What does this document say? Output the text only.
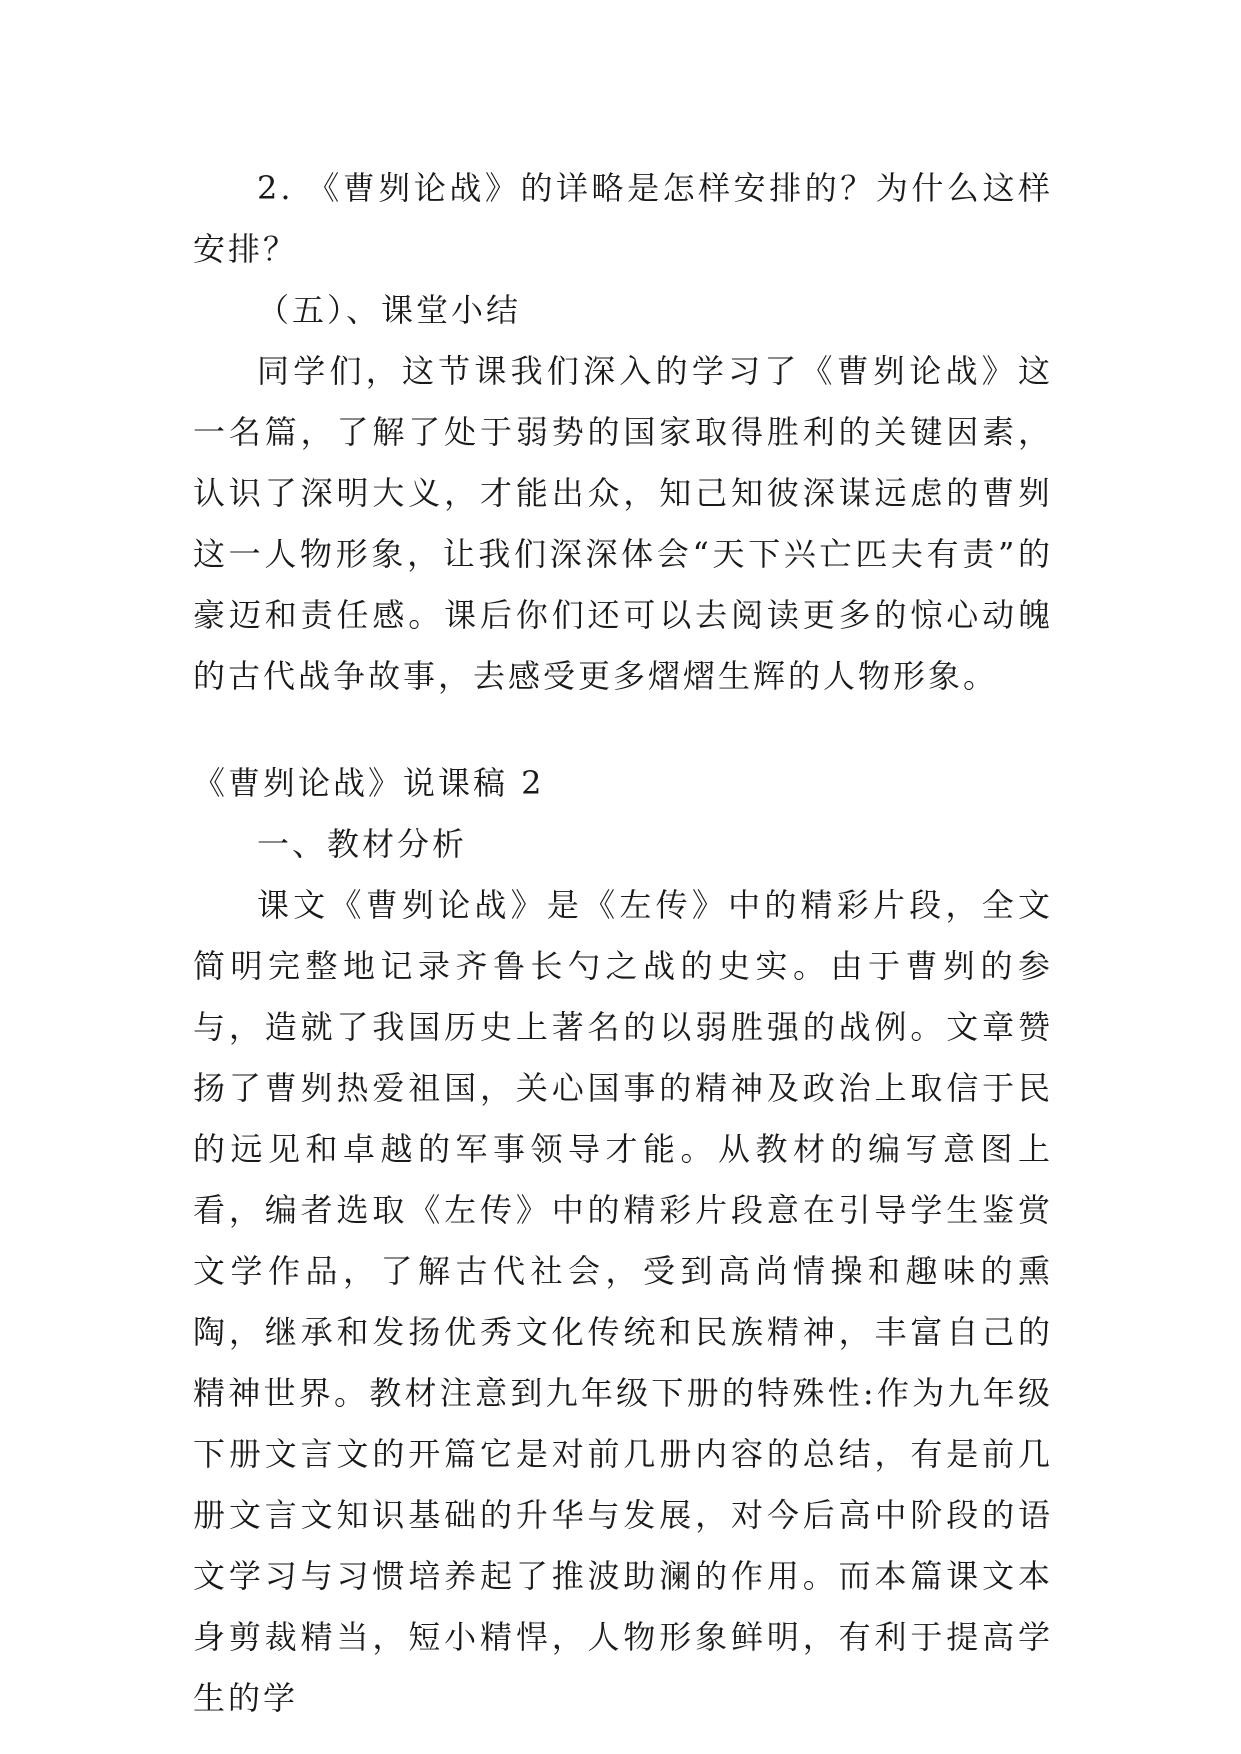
2. 《曹刿论战》的详略是怎样安排的？为什么这样安排？

（五）、课堂小结

同学们，这节课我们深入的学习了《曹刿论战》这一名篇，了解了处于弱势的国家取得胜利的关键因素，认识了深明大义，才能出众，知己知彼深谋远虑的曹刿这一人物形象，让我们深深体会“天下兴亡匹夫有责”的豪迈和责任感。课后你们还可以去阅读更多的惊心动魄的古代战争故事，去感受更多熠熠生辉的人物形象。

《曹刿论战》说课稿 2

一、教材分析

课文《曹刿论战》是《左传》中的精彩片段，全文简明完整地记录齐鲁长勺之战的史实。由于曹刿的参与，造就了我国历史上著名的以弱胜强的战例。文章赞扬了曹刿热爱祖国，关心国事的精神及政治上取信于民的远见和卓越的军事领导才能。从教材的编写意图上看，编者选取《左传》中的精彩片段意在引导学生鉴赏文学作品，了解古代社会，受到高尚情操和趣味的熏陶，继承和发扬优秀文化传统和民族精神，丰富自己的精神世界。教材注意到九年级下册的特殊性:作为九年级下册文言文的开篇它是对前几册内容的总结，有是前几册文言文知识基础的升华与发展，对今后高中阶段的语文学习与习惯培养起了推波助澜的作用。而本篇课文本身剪裁精当，短小精悍，人物形象鲜明，有利于提高学生的学
